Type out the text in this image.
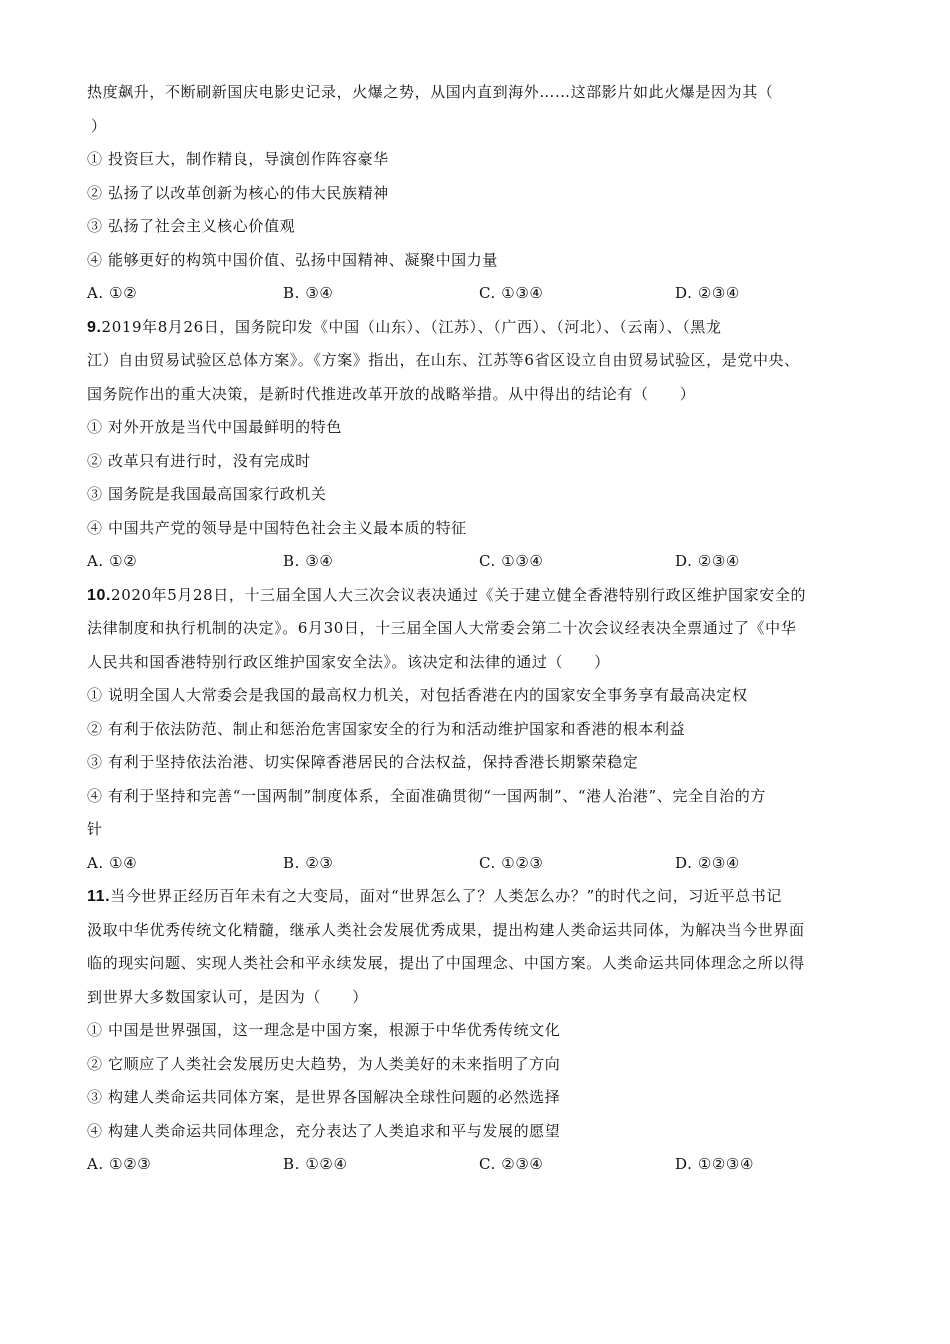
热度飙升，不断刷新国庆电影史记录，火爆之势，从国内直到海外……这部影片如此火爆是因为其（
）
① 投资巨大，制作精良，导演创作阵容豪华
② 弘扬了以改革创新为核心的伟大民族精神
③ 弘扬了社会主义核心价值观
④ 能够更好的构筑中国价值、弘扬中国精神、凝聚中国力量
A. ①②	B. ③④	C. ①③④	D. ②③④
9.2019年8月26日，国务院印发《中国（山东）、（江苏）、（广西）、（河北）、（云南）、（黑龙
江）自由贸易试验区总体方案》。《方案》指出，在山东、江苏等6省区设立自由贸易试验区，是党中央、
国务院作出的重大决策，是新时代推进改革开放的战略举措。从中得出的结论有（　　）
① 对外开放是当代中国最鲜明的特色
② 改革只有进行时，没有完成时
③ 国务院是我国最高国家行政机关
④ 中国共产党的领导是中国特色社会主义最本质的特征
A. ①②	B. ③④	C. ①③④	D. ②③④
10.2020年5月28日，十三届全国人大三次会议表决通过《关于建立健全香港特别行政区维护国家安全的
法律制度和执行机制的决定》。6月30日，十三届全国人大常委会第二十次会议经表决全票通过了《中华
人民共和国香港特别行政区维护国家安全法》。该决定和法律的通过（　　）
① 说明全国人大常委会是我国的最高权力机关，对包括香港在内的国家安全事务享有最高决定权
② 有利于依法防范、制止和惩治危害国家安全的行为和活动维护国家和香港的根本利益
③ 有利于坚持依法治港、切实保障香港居民的合法权益，保持香港长期繁荣稳定
④ 有利于坚持和完善“一国两制”制度体系，全面准确贯彻“一国两制”、“港人治港”、完全自治的方
针
A. ①④	B. ②③	C. ①②③	D. ②③④
11.当今世界正经历百年未有之大变局，面对“世界怎么了？人类怎么办？”的时代之问，习近平总书记
汲取中华优秀传统文化精髓，继承人类社会发展优秀成果，提出构建人类命运共同体，为解决当今世界面
临的现实问题、实现人类社会和平永续发展，提出了中国理念、中国方案。人类命运共同体理念之所以得
到世界大多数国家认可，是因为（　　）
① 中国是世界强国，这一理念是中国方案，根源于中华优秀传统文化
② 它顺应了人类社会发展历史大趋势，为人类美好的未来指明了方向
③ 构建人类命运共同体方案，是世界各国解决全球性问题的必然选择
④ 构建人类命运共同体理念，充分表达了人类追求和平与发展的愿望
A. ①②③	B. ①②④	C. ②③④	D. ①②③④
